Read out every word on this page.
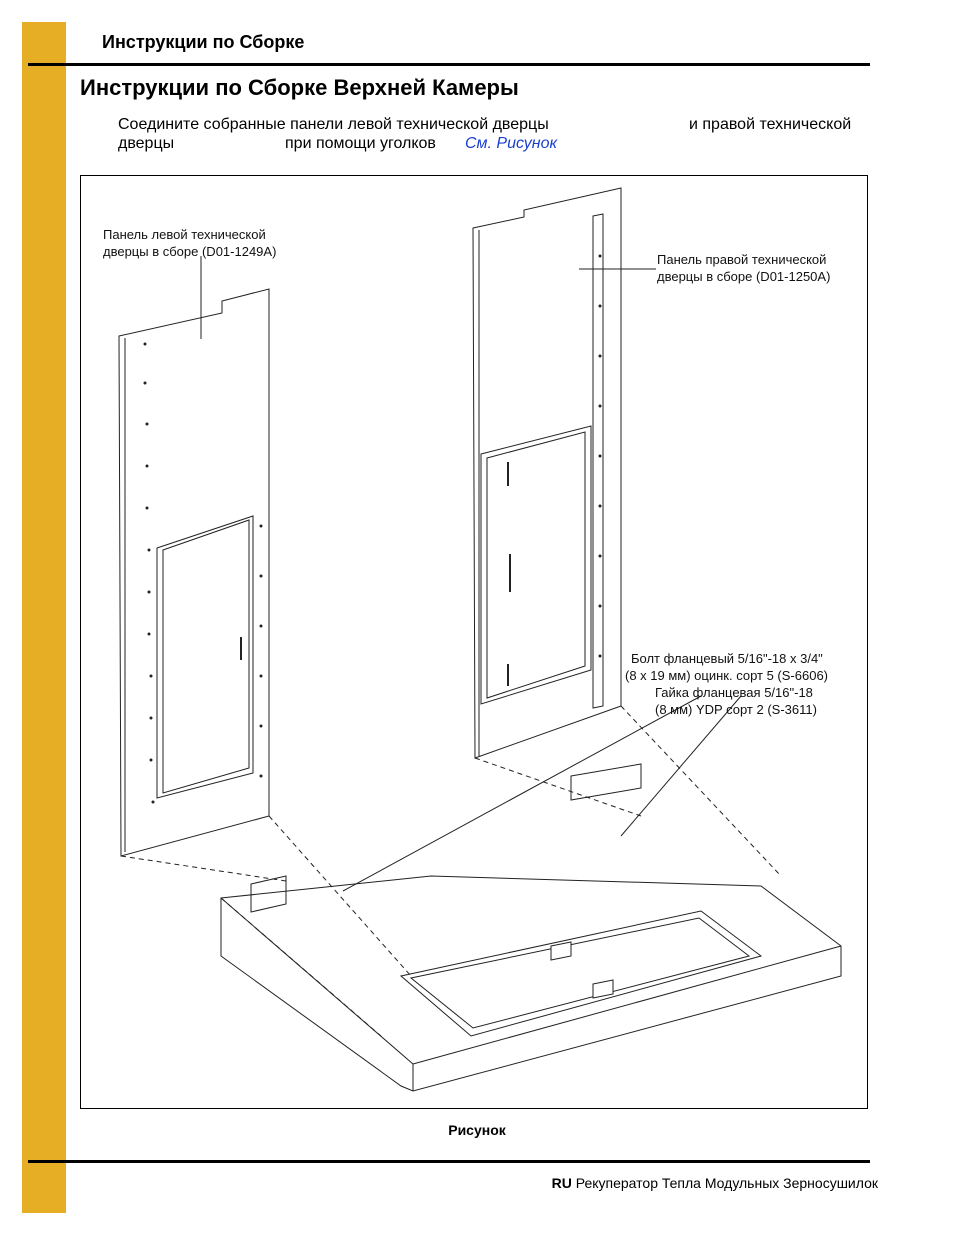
Инструкции по Сборке
Инструкции по Сборке Верхней Камеры
Соедините собранные панели левой технической дверцы	и правой технической
дверцы	при помощи уголков См. Рисунок
Панель левой технической
дверцы в сборе (D01-1249A)
Панель правой технической
дверцы в сборе (D01-1250A)
Болт фланцевый 5/16"-18 x 3/4"
(8 x 19 мм) оцинк. сорт 5 (S-6606)
Гайка фланцевая 5/16"-18
(8 мм) YDP сорт 2 (S-3611)
Рисунок
RU Рекуператор Тепла Модульных Зерносушилок
